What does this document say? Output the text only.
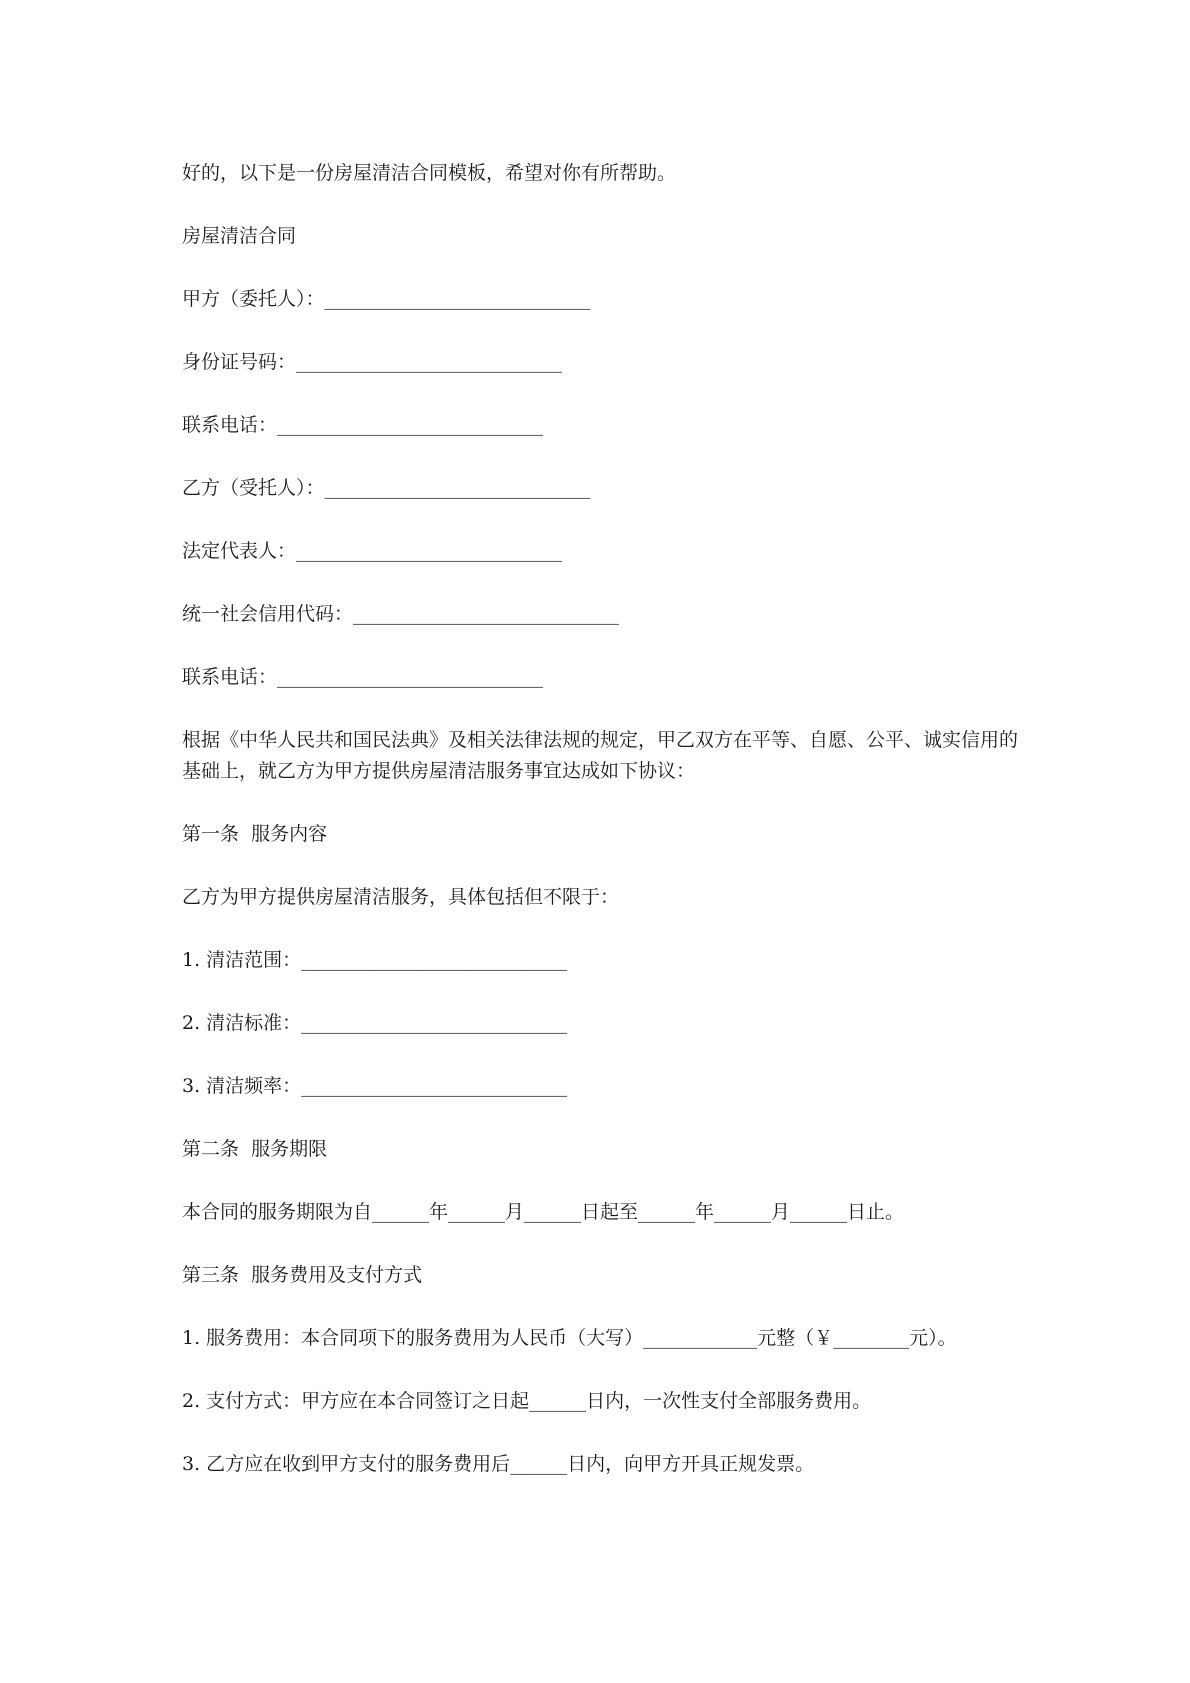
好的，以下是一份房屋清洁合同模板，希望对你有所帮助。

房屋清洁合同

甲方（委托人）：____________________________

身份证号码：____________________________

联系电话：____________________________

乙方（受托人）：____________________________

法定代表人：____________________________

统一社会信用代码：____________________________

联系电话：____________________________

根据《中华人民共和国民法典》及相关法律法规的规定，甲乙双方在平等、自愿、公平、诚实信用的基础上，就乙方为甲方提供房屋清洁服务事宜达成如下协议：

第一条  服务内容

乙方为甲方提供房屋清洁服务，具体包括但不限于：

1. 清洁范围：____________________________

2. 清洁标准：____________________________

3. 清洁频率：____________________________

第二条  服务期限

本合同的服务期限为自______年______月______日起至______年______月______日止。

第三条  服务费用及支付方式

1. 服务费用：本合同项下的服务费用为人民币（大写）____________元整（￥________元）。

2. 支付方式：甲方应在本合同签订之日起______日内，一次性支付全部服务费用。

3. 乙方应在收到甲方支付的服务费用后______日内，向甲方开具正规发票。
